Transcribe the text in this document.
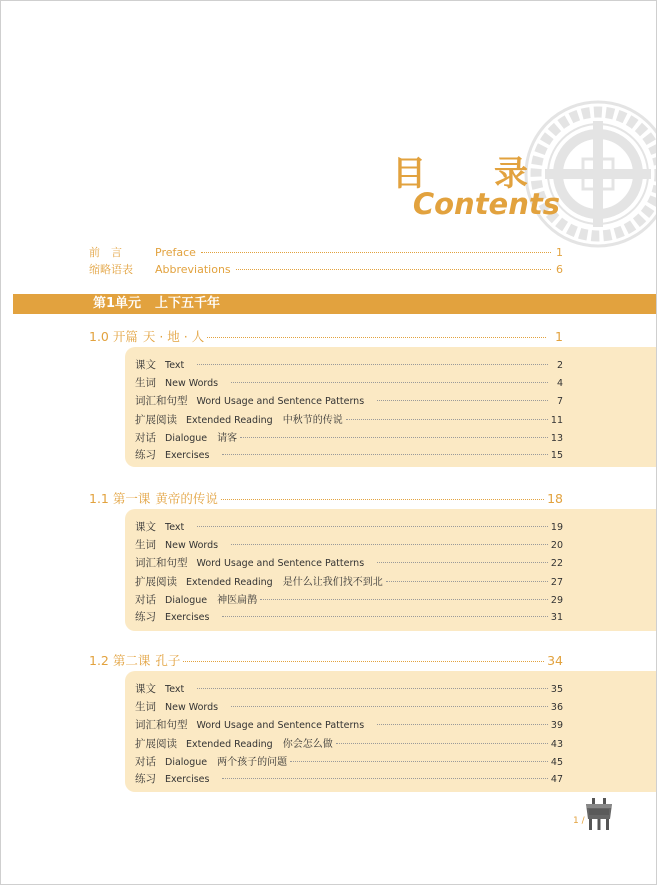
目 录
Contents
前　言	Preface	1
缩略语表	Abbreviations	6
第1单元 上下五千年
1.0 开篇 天 · 地 · 人	1
课文 Text	2
生词 New Words	4
词汇和句型 Word Usage and Sentence Patterns	7
扩展阅读 Extended Reading 中秋节的传说	11
对话 Dialogue 请客	13
练习 Exercises	15
1.1 第一课 黄帝的传说	18
课文 Text	19
生词 New Words	20
词汇和句型 Word Usage and Sentence Patterns	22
扩展阅读 Extended Reading 是什么让我们找不到北	27
对话 Dialogue 神医扁鹊	29
练习 Exercises	31
1.2 第二课 孔子	34
课文 Text	35
生词 New Words	36
词汇和句型 Word Usage and Sentence Patterns	39
扩展阅读 Extended Reading 你会怎么做	43
对话 Dialogue 两个孩子的问题	45
练习 Exercises	47
1 /
